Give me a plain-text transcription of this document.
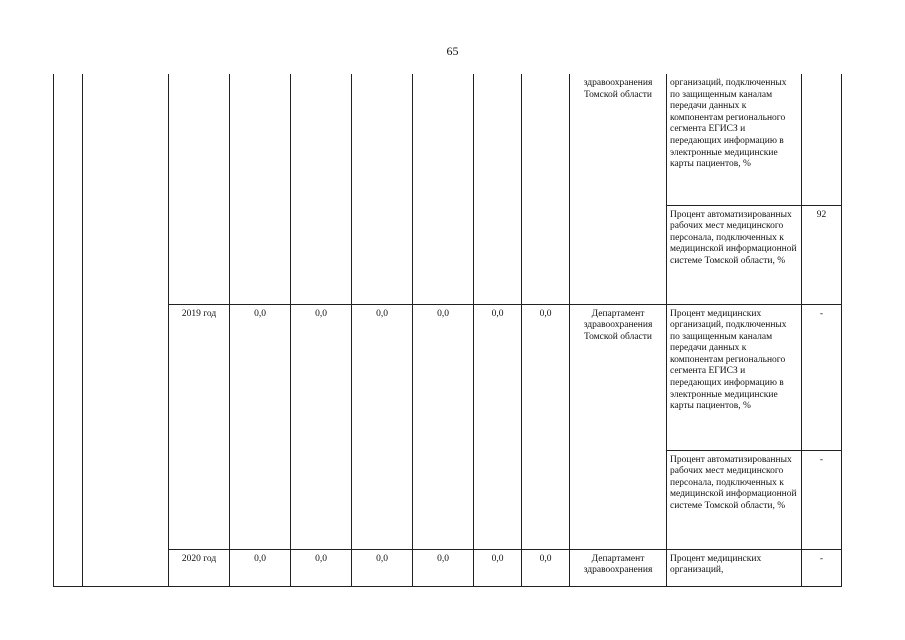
65
									здравоохранения Томской области	организаций, подключенных по защищенным каналам передачи данных к компонентам регионального сегмента ЕГИСЗ и передающих информацию в электронные медицинские карты пациентов, %	
										Процент автоматизированных рабочих мест медицинского персонала, подключенных к медицинской информационной системе Томской области, %	92
		2019 год	0,0	0,0	0,0	0,0	0,0	0,0	Департамент здравоохранения Томской области	Процент медицинских организаций, подключенных по защищенным каналам передачи данных к компонентам регионального сегмента ЕГИСЗ и передающих информацию в электронные медицинские карты пациентов, %	-
										Процент автоматизированных рабочих мест медицинского персонала, подключенных к медицинской информационной системе Томской области, %	-
		2020 год	0,0	0,0	0,0	0,0	0,0	0,0	Департамент здравоохранения	Процент медицинских организаций,	-
